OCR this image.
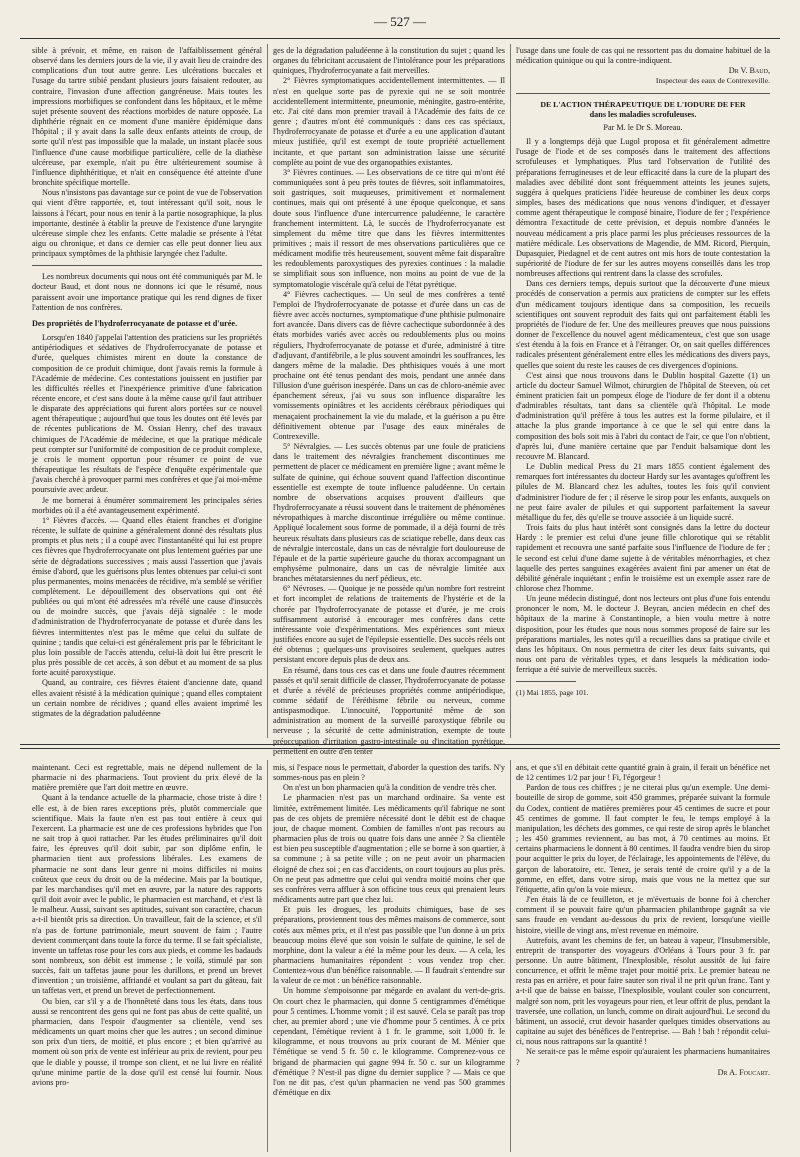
— 527 —

sible à prévoir, et même, en raison de l'affaiblissement général observé dans les derniers jours de la vie, il y avait lieu de craindre des complications d'un tout autre genre. Les ulcérations buccales et l'usage du tartre stibié pendant plusieurs jours faisaient redouter, au contraire, l'invasion d'une affection gangréneuse. Mais toutes les impressions morbifiques se confondent dans les hôpitaux, et le même sujet présente souvent des réactions morbides de nature opposée. La diphthérie régnait en ce moment d'une manière épidémique dans l'hôpital ; il y avait dans la salle deux enfants atteints de croup, de sorte qu'il n'est pas impossible que la malade, un instant placée sous l'influence d'une cause morbifique particulière, celle de la diathèse ulcéreuse, par exemple, n'ait pu être ultérieurement soumise à l'influence diphthéritique, et n'ait en conséquence été atteinte d'une bronchite spécifique mortelle.

Nous n'insistons pas davantage sur ce point de vue de l'observation qui vient d'être rapportée, et, tout intéressant qu'il soit, nous le laissons à l'écart, pour nous en tenir à la partie nosographique, la plus importante, destinée à établir la preuve de l'existence d'une laryngite ulcéreuse simple chez les enfants. Cette maladie se présente à l'état aigu ou chronique, et dans ce dernier cas elle peut donner lieu aux principaux symptômes de la phthisie laryngée chez l'adulte.

Les nombreux documents qui nous ont été communiqués par M. le docteur Baud, et dont nous ne donnons ici que le résumé, nous paraissent avoir une importance pratique qui les rend dignes de fixer l'attention de nos confrères.

Des propriétés de l'hydroferrocyanate de potasse et d'urée.

Lorsqu'en 1840 j'appelai l'attention des praticiens sur les propriétés antipériodiques et sédatives de l'hydroferrocyanate de potasse et d'urée, quelques chimistes mirent en doute la constance de composition de ce produit chimique, dont j'avais remis la formule à l'Académie de médecine. Ces contestations jouissent en justifier par les difficultés réelles et l'inexpérience primitive d'une fabrication récente encore, et c'est sans doute à la même cause qu'il faut attribuer le disparate des appréciations qui furent alors portées sur ce nouvel agent thérapeutique ; aujourd'hui que tous les doutes ont été levés par de récentes publications de M. Ossian Henry, chef des travaux chimiques de l'Académie de médecine, et que la pratique médicale peut compter sur l'uniformité de composition de ce produit complexe, je crois le moment opportun pour résumer ce point de vue thérapeutique les résultats de l'espèce d'enquête expérimentale que j'avais cherché à provoquer parmi mes confrères et que j'ai moi-même poursuivie avec ardeur.

Je me bornerai à énumérer sommairement les principales séries morbides où il a été avantageusement expérimenté.

1° Fièvres d'accès. — Quand elles étaient franches et d'origine récente, le sulfate de quinine a généralement donné des résultats plus prompts et plus nets ; il a coupé avec l'instantanéité qui lui est propre ces fièvres que l'hydroferrocyanate ont plus lentement guéries par une série de dégradations successives ; mais aussi l'assertion que j'avais émise d'abord, que les guérisons plus lentes obtenues par celui-ci sont plus permanentes, moins menacées de récidive, m'a semblé se vérifier complètement. Le dépouillement des observations qui ont été publiées ou qui m'ont été adressées m'a révélé une cause d'insuccès ou de moindre succès, que j'avais déjà signalée : le mode d'administration de l'hydroferrocyanate de potasse et d'urée dans les fièvres intermittentes n'est pas le même que celui du sulfate de quinine ; tandis que celui-ci est généralement pris par le fébricitant le plus loin possible de l'accès attendu, celui-là doit lui être prescrit le plus près possible de cet accès, à son début et au moment de sa plus forte acuité paroxystique.

Quand, au contraire, ces fièvres étaient d'ancienne date, quand elles avaient résisté à la médication quinique ; quand elles comptaient un certain nombre de récidives ; quand elles avaient imprimé les stigmates de la dégradation paludéenne

ges de la dégradation paludéenne à la constitution du sujet ; quand les organes du fébricitant accusaient de l'intolérance pour les préparations quiniques, l'hydroferrocyanate a fait merveilles.

2° Fièvres symptomatiques accidentellement intermittentes. — Il n'est en quelque sorte pas de pyrexie qui ne se soit montrée accidentellement intermittente, pneumonie, méningite, gastro-entérite, etc. J'ai cité dans mon premier travail à l'Académie des faits de ce genre ; d'autres m'ont été communiqués : dans ces cas spéciaux, l'hydroferrocyanate de potasse et d'urée a eu une application d'autant mieux justifiée, qu'il est exempt de toute propriété actuellement incitante, et que partant son administration laisse une sécurité complète au point de vue des organopathies existantes.

3° Fièvres continues. — Les observations de ce titre qui m'ont été communiquées sont à peu près toutes de fièvres, soit inflammatoires, soit gastriques, soit muqueuses, primitivement et normalement continues, mais qui ont présenté à une époque quelconque, et sans doute sous l'influence d'une intercurrence paludéenne, le caractère franchement intermittent. Là, le succès de l'hydroferrocyanate est simplement du même titre que dans les fièvres intermittentes primitives ; mais il ressort de mes observations particulières que ce médicament modifie très heureusement, souvent même fait disparaître les redoublements paroxystiques des pyrexies continues : la maladie se simplifiait sous son influence, non moins au point de vue de la symptomatologie viscérale qu'à celui de l'état pyrétique.

4° Fièvres cachectiques. — Un seul de mes confrères a tenté l'emploi de l'hydroferrocyanate de potasse et d'urée dans un cas de fièvre avec accès nocturnes, symptomatique d'une phthisie pulmonaire fort avancée. Dans divers cas de fièvre cachectique subordonnée à des états morbides variés avec accès ou redoublements plus ou moins réguliers, l'hydroferrocyanate de potasse et d'urée, administré à titre d'adjuvant, d'antifébrile, a le plus souvent amoindri les souffrances, les dangers même de la maladie. Des phthisiques voués à une mort prochaine ont été tenus pendant des mois, pendant une année dans l'illusion d'une guérison inespérée. Dans un cas de chloro-anémie avec épanchement séreux, j'ai vu sous son influence disparaître les vomissements opiniâtres et les accidents cérébraux périodiques qui menaçaient prochainement la vie du malade, et la guérison a pu être définitivement obtenue par l'usage des eaux minérales de Contrexeville.

5° Névralgies. — Les succès obtenus par une foule de praticiens dans le traitement des névralgies franchement discontinues me permettent de placer ce médicament en première ligne ; avant même le sulfate de quinine, qui échoue souvent quand l'affection discontinue essentielle est exempte de toute influence paludéenne. Un certain nombre de observations acquises prouvent d'ailleurs que l'hydroferrocyanate a réussi souvent dans le traitement de phénomènes névropathiques à marche discontinue irrégulière ou même continue. Appliqué localement sous forme de pommade, il a déjà fourni de très heureux résultats dans plusieurs cas de sciatique rebelle, dans deux cas de névralgie intercostale, dans un cas de névralgie fort douloureuse de l'épaule et de la partie supérieure gauche du thorax accompagnant un emphysème pulmonaire, dans un cas de névralgie limitée aux branches métatarsiennes du nerf pédieux, etc.

6° Névroses. — Quoique je ne possède qu'un nombre fort restreint et fort incomplet de relations de traitements de l'hystérie et de la chorée par l'hydroferrocyanate de potasse et d'urée, je me crois suffisamment autorisé à encourager mes confrères dans cette intéressante voie d'expérimentations. Mes expériences sont mieux justifiées encore au sujet de l'épilepsie essentielle. Des succès réels ont été obtenus ; quelques-uns provisoires seulement, quelques autres persistant encore depuis plus de deux ans.

En résumé, dans tous ces cas et dans une foule d'autres récemment passés et qu'il serait difficile de classer, l'hydroferrocyanate de potasse et d'urée a révélé de précieuses propriétés comme antipériodique, comme sédatif de l'éréthisme fébrile ou nerveux, comme antispasmodique. L'innocuité, l'opportunité même de son administration au moment de la surveillé paroxystique fébrile ou nerveuse ; la sécurité de cette administration, exempte de toute préoccupation d'irritation gastro-intestinale ou d'incitation pyrétique, permettent en outre d'en tenter

l'usage dans une foule de cas qui ne ressortent pas du domaine habituel de la médication quinique ou qui la contre-indiquent.

Dr V. Baud,

Inspecteur des eaux de Contrexeville.

DE L'ACTION THÉRAPEUTIQUE DE L'IODURE DE FER

dans les maladies scrofuleuses.

Par M. le Dr S. Moreau.

Il y a longtemps déjà que Lugol proposa et fit généralement admettre l'usage de l'iode et de ses composés dans le traitement des affections scrofuleuses et lymphatiques. Plus tard l'observation de l'utilité des préparations ferrugineuses et de leur efficacité dans la cure de la plupart des maladies avec débilité dont sont fréquemment atteints les jeunes sujets, suggéra à quelques praticiens l'idée heureuse de combiner les deux corps simples, bases des médications que nous venons d'indiquer, et d'essayer comme agent thérapeutique le composé binaire, l'iodure de fer ; l'expérience démontra l'exactitude de cette prévision, et depuis nombre d'années le nouveau médicament a pris place parmi les plus précieuses ressources de la matière médicale. Les observations de Magendie, de MM. Ricord, Pierquin, Dupasquier, Piedagnel et de cent autres ont mis hors de toute contestation la supériorité de l'iodure de fer sur les autres moyens conseillés dans les trop nombreuses affections qui rentrent dans la classe des scrofules.

Dans ces derniers temps, depuis surtout que la découverte d'une mieux procédés de conservation a permis aux praticiens de compter sur les effets d'un médicament toujours identique dans sa composition, les recueils scientifiques ont souvent reproduit des faits qui ont parfaitement établi les propriétés de l'iodure de fer. Une des meilleures preuves que nous puissions donner de l'excellence du nouvel agent médicamenteux, c'est que son usage s'est étendu à la fois en France et à l'étranger. Or, on sait quelles différences radicales présentent généralement entre elles les médications des divers pays, quelles que soient du reste les causes de ces divergences d'opinions.

C'est ainsi que nous trouvons dans le Dublin hospital Gazette (1) un article du docteur Samuel Wilmot, chirurgien de l'hôpital de Steeven, où cet éminent praticien fait un pompeux éloge de l'iodure de fer dont il a obtenu d'admirables résultats, tant dans sa clientèle qu'à l'hôpital. Le mode d'administration qu'il préfère à tous les autres est la forme pilulaire, et il attache la plus grande importance à ce que le sel qui entre dans la composition des bols soit mis à l'abri du contact de l'air, ce que l'on n'obtient, d'après lui, d'une manière certaine que par l'enduit balsamique dont les recouvre M. Blancard.

Le Dublin medical Press du 21 mars 1855 contient également des remarques fort intéressantes du docteur Hardy sur les avantages qu'offrent les pilules de M. Blancard chez les adultes, toutes les fois qu'il convient d'administrer l'iodure de fer ; il réserve le sirop pour les enfants, auxquels on ne peut faire avaler de pilules et qui supportent parfaitement la saveur métallique du fer, dès qu'elle se trouve associée à un liquide sucré.

Trois faits du plus haut intérêt sont consignés dans la lettre du docteur Hardy : le premier est celui d'une jeune fille chlorotique qui se rétablit rapidement et recouvra une santé parfaite sous l'influence de l'iodure de fer ; le second est celui d'une dame sujette à de véritables ménorrhagies, et chez laquelle des pertes sanguines exagérées avaient fini par amener un état de débilité générale inquiétant ; enfin le troisième est un exemple assez rare de chlorose chez l'homme.

Un jeune médecin distingué, dont nos lecteurs ont plus d'une fois entendu prononcer le nom, M. le docteur J. Beyran, ancien médecin en chef des hôpitaux de la marine à Constantinople, a bien voulu mettre à notre disposition, pour les études que nous nous sommes proposé de faire sur les préparations martiales, les notes qu'il a recueillies dans sa pratique civile et dans les hôpitaux. On nous permettra de citer les deux faits suivants, qui nous ont paru de véritables types, et dans lesquels la médication iodo-ferrique a été suivie de merveilleux succès.

(1) Mai 1855, page 101.

maintenant. Ceci est regrettable, mais ne dépend nullement de la pharmacie ni des pharmaciens. Tout provient du prix élevé de la matière première que l'art doit mettre en œuvre.

Quant à la tendance actuelle de la pharmacie, chose triste à dire ! elle est, à de bien rares exceptions près, plutôt commerciale que scientifique. Mais la faute n'en est pas tout entière à ceux qui l'exercent. La pharmacie est une de ces professions hybrides que l'on ne sait trop à quoi rattacher. Par les études préliminaires qu'il doit faire, les épreuves qu'il doit subir, par son diplôme enfin, le pharmacien tient aux professions libérales. Les examens de pharmacie ne sont dans leur genre ni moins difficiles ni moins coûteux que ceux du droit ou de la médecine. Mais par la boutique, par les marchandises qu'il met en œuvre, par la nature des rapports qu'il doit avoir avec le public, le pharmacien est marchand, et c'est là le malheur. Aussi, suivant ses aptitudes, suivant son caractère, chacun a-t-il bientôt pris sa direction. Un travailleur, fait de la science, et s'il n'a pas de fortune patrimoniale, meurt souvent de faim ; l'autre devient commerçant dans toute la force du terme. Il se fait spécialiste, invente un taffetas rose pour les cors aux pieds, et comme les badauds sont nombreux, son débit est immense ; le voilà, stimulé par son succès, fait un taffetas jaune pour les durillons, et prend un brevet d'invention ; un troisième, affriandé et voulant sa part du gâteau, fait un taffetas vert, et prend un brevet de perfectionnement.

Ou bien, car s'il y a de l'honnêteté dans tous les états, dans tous aussi se rencontrent des gens qui ne font pas abus de cette qualité, un pharmacien, dans l'espoir d'augmenter sa clientèle, vend ses médicaments un quart moins cher que les autres ; un second diminue son prix d'un tiers, de moitié, et plus encore ; et bien qu'arrivé au moment où son prix de vente est inférieur au prix de revient, pour peu que le diable y pousse, il trompe son client, et ne lui livre en réalité qu'une minime partie de la dose qu'il est censé lui fournir. Nous avions pro-

mis, si l'espace nous le permettait, d'aborder la question des tarifs. N'y sommes-nous pas en plein ?

On n'est un bon pharmacien qu'à la condition de vendre très cher.

Le pharmacien n'est pas un marchand ordinaire. Sa vente est limitée, extrêmement limitée. Les médicaments qu'il fabrique ne sont pas de ces objets de première nécessité dont le débit est de chaque jour, de chaque moment. Combien de familles n'ont pas recours au pharmacien plus de trois ou quatre fois dans une année ? Sa clientèle est bien peu susceptible d'augmentation ; elle se borne à son quartier, à sa commune ; à sa petite ville ; on ne peut avoir un pharmacien éloigné de chez soi ; en cas d'accidents, on court toujours au plus près. On ne peut pas admettre que celui qui vendra moitié moins cher que ses confrères verra affluer à son officine tous ceux qui prenaient leurs médicaments autre part que chez lui.

Et puis les drogues, les produits chimiques, base de ses préparations, proviennent tous des mêmes maisons de commerce, sont cotés aux mêmes prix, et il n'est pas possible que l'un donne à un prix beaucoup moins élevé que son voisin le sulfate de quinine, le sel de morphine, dont la valeur a été la même pour les deux. — A cela, les pharmaciens humanitaires répondent : vous vendez trop cher. Contentez-vous d'un bénéfice raisonnable. — Il faudrait s'entendre sur la valeur de ce mot : un bénéfice raisonnable.

Un homme s'empoisonne par mégarde en avalant du vert-de-gris. On court chez le pharmacien, qui donne 5 centigrammes d'émétique pour 5 centimes. L'homme vomit ; il est sauvé. Cela se paraît pas trop cher, au premier abord ; une vie d'homme pour 5 centimes. À ce prix cependant, l'émétique revient à 1 fr. le gramme, soit 1,000 fr. le kilogramme, et nous trouvons au prix courant de M. Ménier que l'émétique se vend 5 fr. 50 c. le kilogramme. Comprenez-vous ce brigand de pharmacien qui gagne 994 fr. 50 c. sur un kilogramme d'émétique ? N'est-il pas digne du dernier supplice ? — Mais ce que l'on ne dit pas, c'est qu'un pharmacien ne vend pas 500 grammes d'émétique en dix

ans, et que s'il en débitait cette quantité grain à grain, il ferait un bénéfice net de 12 centimes 1/2 par jour ! Fi, l'égorgeur !

Pardon de tous ces chiffres ; je ne citerai plus qu'un exemple. Une demi-bouteille de sirop de gomme, soit 450 grammes, préparée suivant la formule du Codex, contient de matières premières pour 45 centimes de sucre et pour 45 centimes de gomme. Il faut compter le feu, le temps employé à la manipulation, les déchets des gommes, ce qui reste de sirop après le blanchet ; les 450 grammes reviennent, au bas mot, à 70 centimes au moins. Et certains pharmaciens le donnent à 80 centimes. Il faudra vendre bien du sirop pour acquitter le prix du loyer, de l'éclairage, les appointements de l'élève, du garçon de laboratoire, etc. Tenez, je serais tenté de croire qu'il y a de la gomme, en effet, dans votre sirop, mais que vous ne la mettez que sur l'étiquette, afin qu'on la voie mieux.

J'en étais là de ce feuilleton, et je m'évertuais de bonne foi à chercher comment il se pouvait faire qu'un pharmacien philanthrope gagnât sa vie sans fraude en vendant au-dessous du prix de revient, lorsqu'une vieille histoire, vieille de vingt ans, m'est revenue en mémoire.

Autrefois, avant les chemins de fer, un bateau à vapeur, l'Insubmersible, entreprit de transporter des voyageurs d'Orléans à Tours pour 3 fr. par personne. Un autre bâtiment, l'Inexplosible, résolut aussitôt de lui faire concurrence, et offrit le même trajet pour moitié prix. Le premier bateau ne resta pas en arrière, et pour faire sauter son rival il ne prit qu'un franc. Tant y a-t-il que de baisse en baisse, l'Inexplosible, voulant couler son concurrent, malgré son nom, prit les voyageurs pour rien, et leur offrit de plus, pendant la traversée, une collation, un lunch, comme on dirait aujourd'hui. Le second du bâtiment, un associé, crut devoir hasarder quelques timides observations au capitaine au sujet des bénéfices de l'entreprise. — Bah ! bah ! répondit celui-ci, nous nous rattrapons sur la quantité !

Ne serait-ce pas le même espoir qu'auraient les pharmaciens humanitaires ?

Dr A. Foucart.
